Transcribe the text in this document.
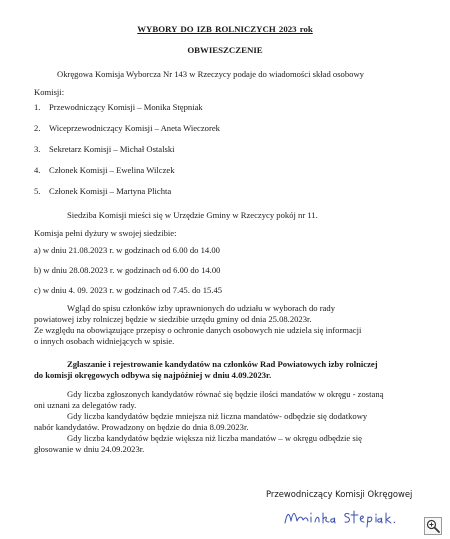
WYBORY DO IZB ROLNICZYCH 2023 rok
OBWIESZCZENIE
Okręgowa Komisja Wyborcza Nr 143 w Rzeczycy podaje do wiadomości skład osobowy
Komisji:
1. Przewodniczący Komisji – Monika Stępniak
2. Wiceprzewodniczący Komisji – Aneta Wieczorek
3. Sekretarz Komisji – Michał Ostalski
4. Członek Komisji – Ewelina Wilczek
5. Członek Komisji – Martyna Plichta
Siedziba Komisji mieści się w Urzędzie Gminy w Rzeczycy pokój nr 11.
Komisja pełni dyżury w swojej siedzibie:
a) w dniu 21.08.2023 r. w godzinach od 6.00 do 14.00
b) w dniu 28.08.2023 r. w godzinach od 6.00 do 14.00
c) w dniu 4. 09. 2023 r. w godzinach od 7.45. do 15.45
Wgląd do spisu członków izby uprawnionych do udziału w wyborach do rady
powiatowej izby rolniczej będzie w siedzibie urzędu gminy od dnia 25.08.2023r.
Ze względu na obowiązujące przepisy o ochronie danych osobowych nie udziela się informacji
o innych osobach widniejących w spisie.
Zgłaszanie i rejestrowanie kandydatów na członków Rad Powiatowych izby rolniczej
do komisji okręgowych odbywa się najpóźniej w dniu 4.09.2023r.
Gdy liczba zgłoszonych kandydatów równać się będzie ilości mandatów w okręgu - zostaną
oni uznani za delegatów rady.
Gdy liczba kandydatów będzie mniejsza niż liczna mandatów- odbędzie się dodatkowy
nabór kandydatów. Prowadzony on będzie do dnia 8.09.2023r.
Gdy liczba kandydatów będzie większa niż liczba mandatów – w okręgu odbędzie się
głosowanie w dniu 24.09.2023r.
Przewodniczący Komisji Okręgowej
